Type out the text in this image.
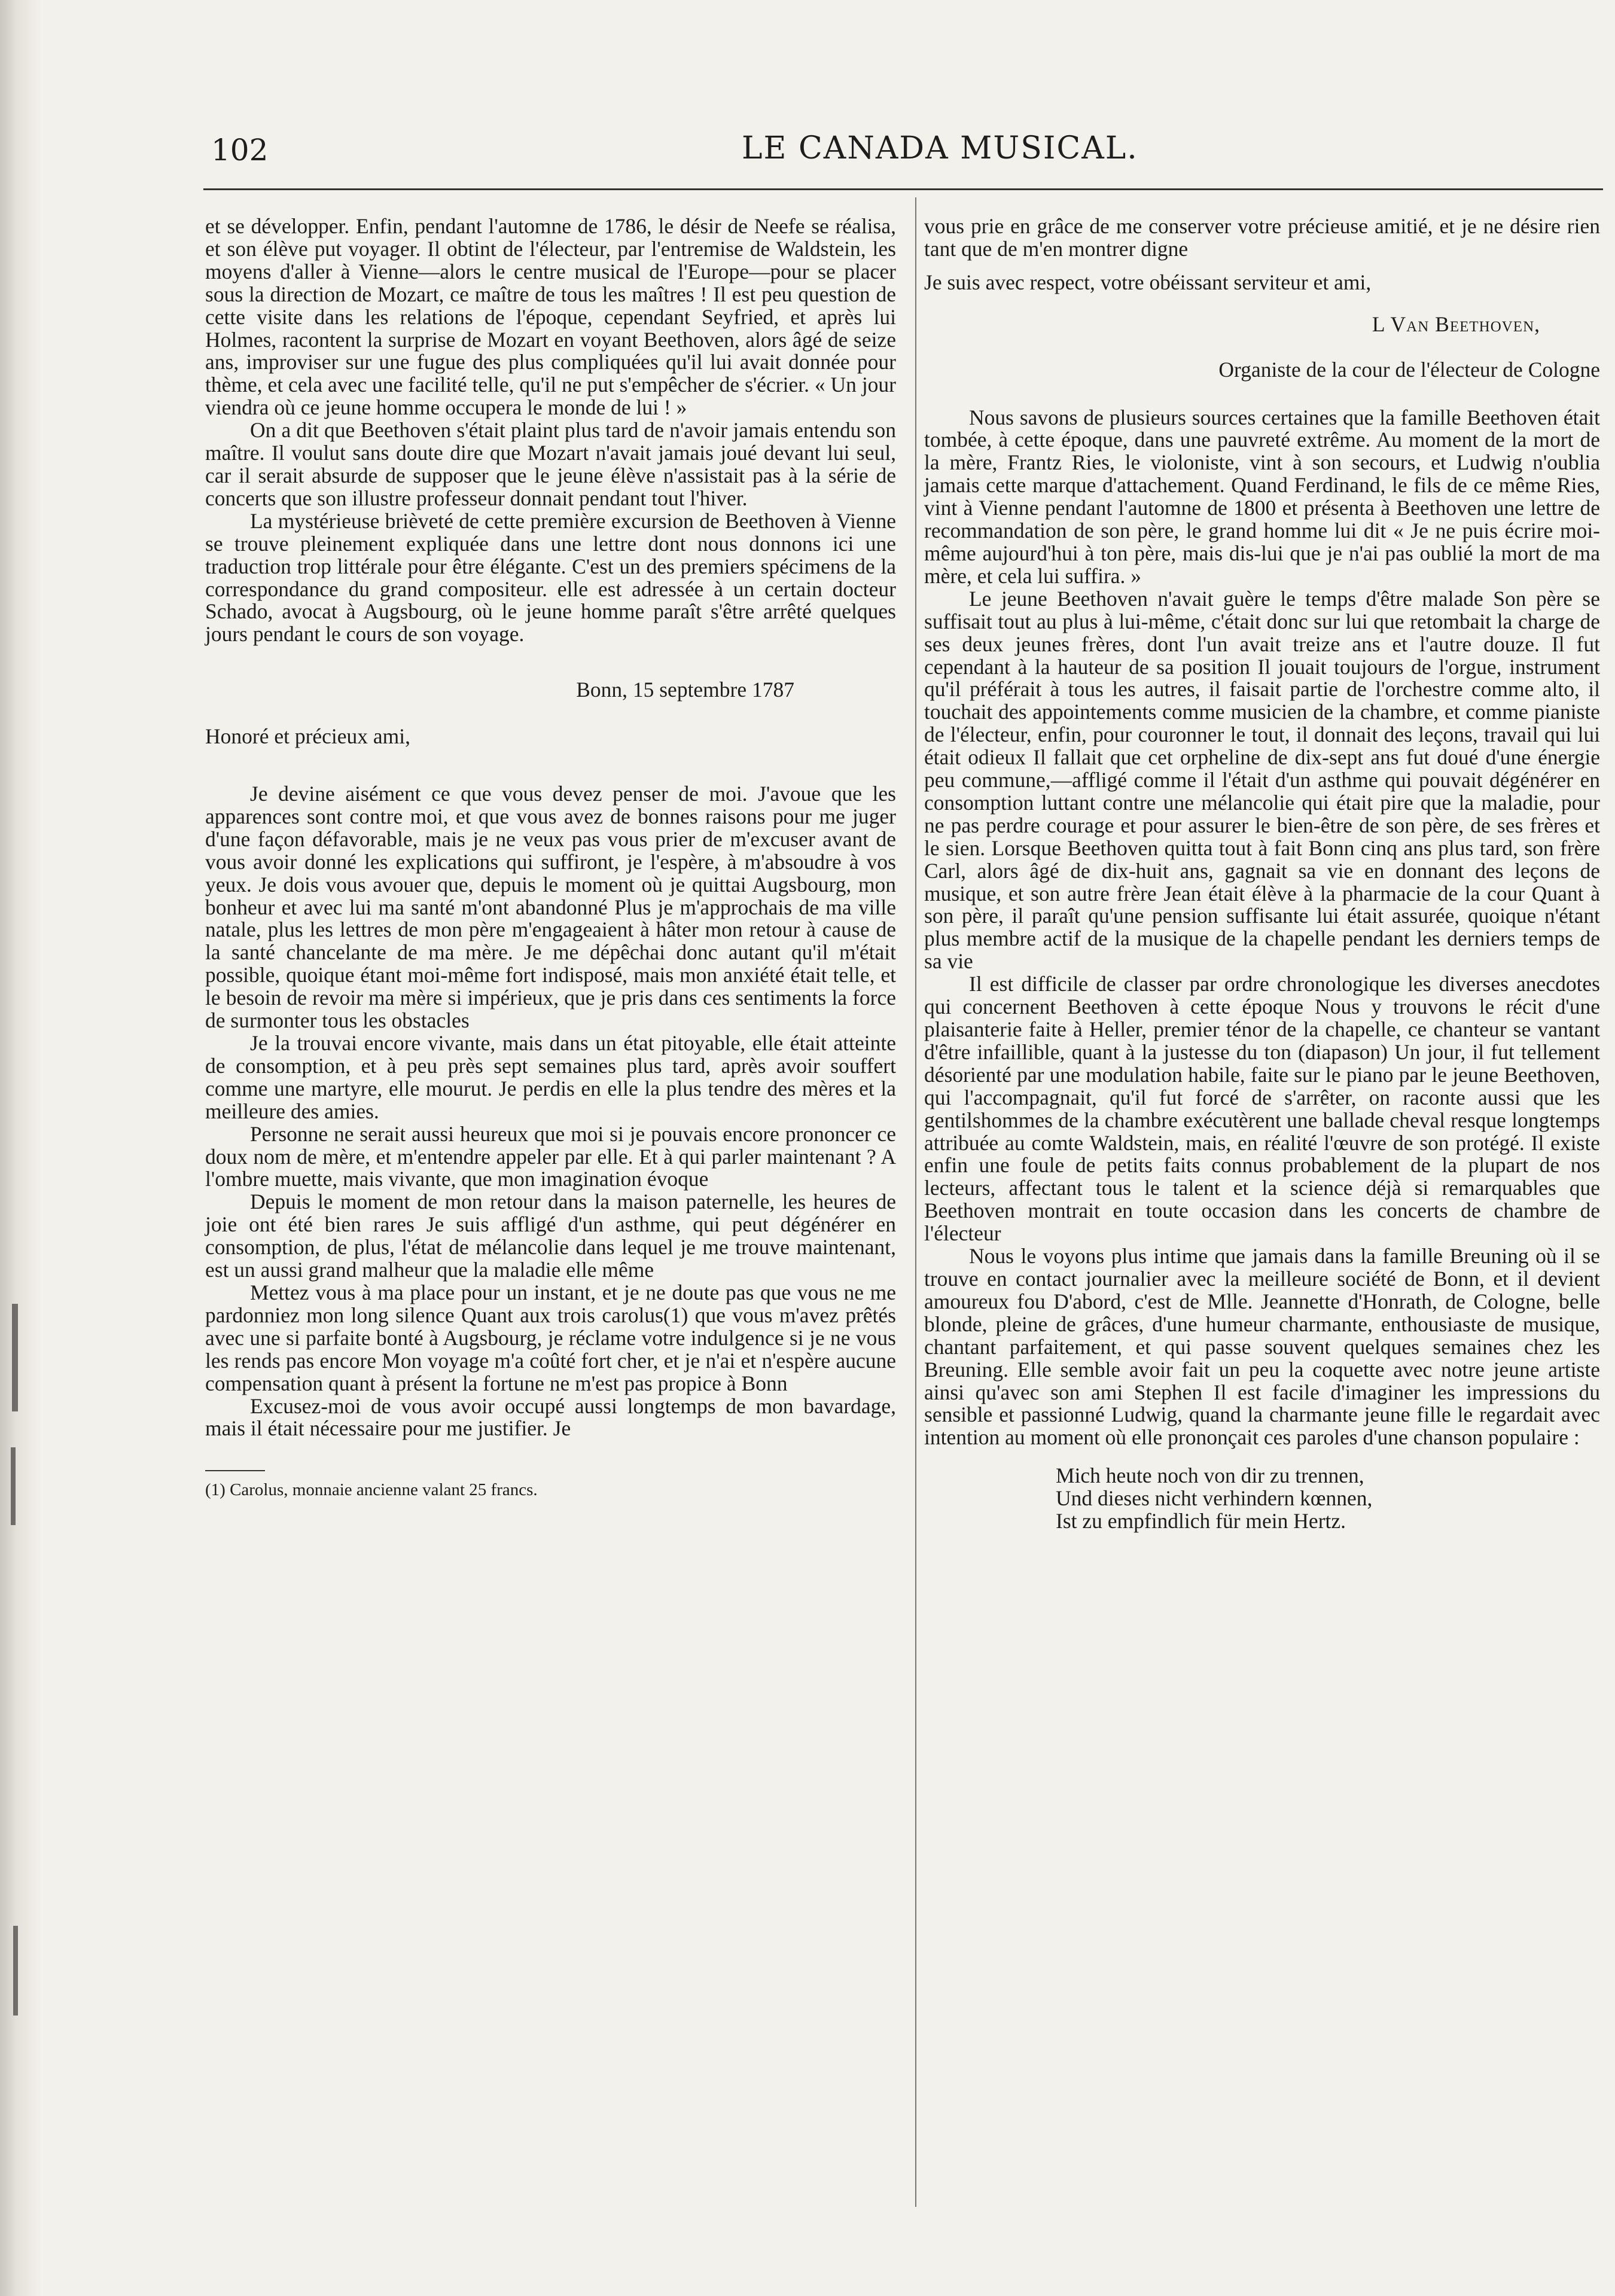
102	LE CANADA MUSICAL.

et se développer. Enfin, pendant l'automne de 1786, le désir de Neefe se réalisa, et son élève put voyager. Il obtint de l'électeur, par l'entremise de Waldstein, les moyens d'aller à Vienne—alors le centre musical de l'Europe—pour se placer sous la direction de Mozart, ce maître de tous les maîtres ! Il est peu question de cette visite dans les relations de l'époque, cependant Seyfried, et après lui Holmes, racontent la surprise de Mozart en voyant Beethoven, alors âgé de seize ans, improviser sur une fugue des plus compliquées qu'il lui avait donnée pour thème, et cela avec une facilité telle, qu'il ne put s'empêcher de s'écrier. « Un jour viendra où ce jeune homme occupera le monde de lui ! »

On a dit que Beethoven s'était plaint plus tard de n'avoir jamais entendu son maître. Il voulut sans doute dire que Mozart n'avait jamais joué devant lui seul, car il serait absurde de supposer que le jeune élève n'assistait pas à la série de concerts que son illustre professeur donnait pendant tout l'hiver.

La mystérieuse brièveté de cette première excursion de Beethoven à Vienne se trouve pleinement expliquée dans une lettre dont nous donnons ici une traduction trop littérale pour être élégante. C'est un des premiers spécimens de la correspondance du grand compositeur. elle est adressée à un certain docteur Schado, avocat à Augsbourg, où le jeune homme paraît s'être arrêté quelques jours pendant le cours de son voyage.

Bonn, 15 septembre 1787

Honoré et précieux ami,

Je devine aisément ce que vous devez penser de moi. J'avoue que les apparences sont contre moi, et que vous avez de bonnes raisons pour me juger d'une façon défavorable, mais je ne veux pas vous prier de m'excuser avant de vous avoir donné les explications qui suffiront, je l'espère, à m'absoudre à vos yeux. Je dois vous avouer que, depuis le moment où je quittai Augsbourg, mon bonheur et avec lui ma santé m'ont abandonné Plus je m'approchais de ma ville natale, plus les lettres de mon père m'engageaient à hâter mon retour à cause de la santé chancelante de ma mère. Je me dépêchai donc autant qu'il m'était possible, quoique étant moi-même fort indisposé, mais mon anxiété était telle, et le besoin de revoir ma mère si impérieux, que je pris dans ces sentiments la force de surmonter tous les obstacles

Je la trouvai encore vivante, mais dans un état pitoyable, elle était atteinte de consomption, et à peu près sept semaines plus tard, après avoir souffert comme une martyre, elle mourut. Je perdis en elle la plus tendre des mères et la meilleure des amies.

Personne ne serait aussi heureux que moi si je pouvais encore prononcer ce doux nom de mère, et m'entendre appeler par elle. Et à qui parler maintenant ? A l'ombre muette, mais vivante, que mon imagination évoque

Depuis le moment de mon retour dans la maison paternelle, les heures de joie ont été bien rares Je suis affligé d'un asthme, qui peut dégénérer en consomption, de plus, l'état de mélancolie dans lequel je me trouve maintenant, est un aussi grand malheur que la maladie elle même

Mettez vous à ma place pour un instant, et je ne doute pas que vous ne me pardonniez mon long silence Quant aux trois carolus(1) que vous m'avez prêtés avec une si parfaite bonté à Augsbourg, je réclame votre indulgence si je ne vous les rends pas encore Mon voyage m'a coûté fort cher, et je n'ai et n'espère aucune compensation quant à présent la fortune ne m'est pas propice à Bonn

Excusez-moi de vous avoir occupé aussi longtemps de mon bavardage, mais il était nécessaire pour me justifier. Je

(1) Carolus, monnaie ancienne valant 25 francs.

vous prie en grâce de me conserver votre précieuse amitié, et je ne désire rien tant que de m'en montrer digne

Je suis avec respect, votre obéissant serviteur et ami,

L Van Beethoven,

Organiste de la cour de l'électeur de Cologne

Nous savons de plusieurs sources certaines que la famille Beethoven était tombée, à cette époque, dans une pauvreté extrême. Au moment de la mort de la mère, Frantz Ries, le violoniste, vint à son secours, et Ludwig n'oublia jamais cette marque d'attachement. Quand Ferdinand, le fils de ce même Ries, vint à Vienne pendant l'automne de 1800 et présenta à Beethoven une lettre de recommandation de son père, le grand homme lui dit « Je ne puis écrire moi-même aujourd'hui à ton père, mais dis-lui que je n'ai pas oublié la mort de ma mère, et cela lui suffira. »

Le jeune Beethoven n'avait guère le temps d'être malade Son père se suffisait tout au plus à lui-même, c'était donc sur lui que retombait la charge de ses deux jeunes frères, dont l'un avait treize ans et l'autre douze. Il fut cependant à la hauteur de sa position Il jouait toujours de l'orgue, instrument qu'il préférait à tous les autres, il faisait partie de l'orchestre comme alto, il touchait des appointements comme musicien de la chambre, et comme pianiste de l'électeur, enfin, pour couronner le tout, il donnait des leçons, travail qui lui était odieux Il fallait que cet orpheline de dix-sept ans fut doué d'une énergie peu commune,—affligé comme il l'était d'un asthme qui pouvait dégénérer en consomption luttant contre une mélancolie qui était pire que la maladie, pour ne pas perdre courage et pour assurer le bien-être de son père, de ses frères et le sien. Lorsque Beethoven quitta tout à fait Bonn cinq ans plus tard, son frère Carl, alors âgé de dix-huit ans, gagnait sa vie en donnant des leçons de musique, et son autre frère Jean était élève à la pharmacie de la cour Quant à son père, il paraît qu'une pension suffisante lui était assurée, quoique n'étant plus membre actif de la musique de la chapelle pendant les derniers temps de sa vie

Il est difficile de classer par ordre chronologique les diverses anecdotes qui concernent Beethoven à cette époque Nous y trouvons le récit d'une plaisanterie faite à Heller, premier ténor de la chapelle, ce chanteur se vantant d'être infaillible, quant à la justesse du ton (diapason) Un jour, il fut tellement désorienté par une modulation habile, faite sur le piano par le jeune Beethoven, qui l'accompagnait, qu'il fut forcé de s'arrêter, on raconte aussi que les gentilshommes de la chambre exécutèrent une ballade cheval resque longtemps attribuée au comte Waldstein, mais, en réalité l'œuvre de son protégé. Il existe enfin une foule de petits faits connus probablement de la plupart de nos lecteurs, affectant tous le talent et la science déjà si remarquables que Beethoven montrait en toute occasion dans les concerts de chambre de l'électeur

Nous le voyons plus intime que jamais dans la famille Breuning où il se trouve en contact journalier avec la meilleure société de Bonn, et il devient amoureux fou D'abord, c'est de Mlle. Jeannette d'Honrath, de Cologne, belle blonde, pleine de grâces, d'une humeur charmante, enthousiaste de musique, chantant parfaitement, et qui passe souvent quelques semaines chez les Breuning. Elle semble avoir fait un peu la coquette avec notre jeune artiste ainsi qu'avec son ami Stephen Il est facile d'imaginer les impressions du sensible et passionné Ludwig, quand la charmante jeune fille le regardait avec intention au moment où elle prononçait ces paroles d'une chanson populaire :

Mich heute noch von dir zu trennen,
Und dieses nicht verhindern kœnnen,
Ist zu empfindlich für mein Hertz.
